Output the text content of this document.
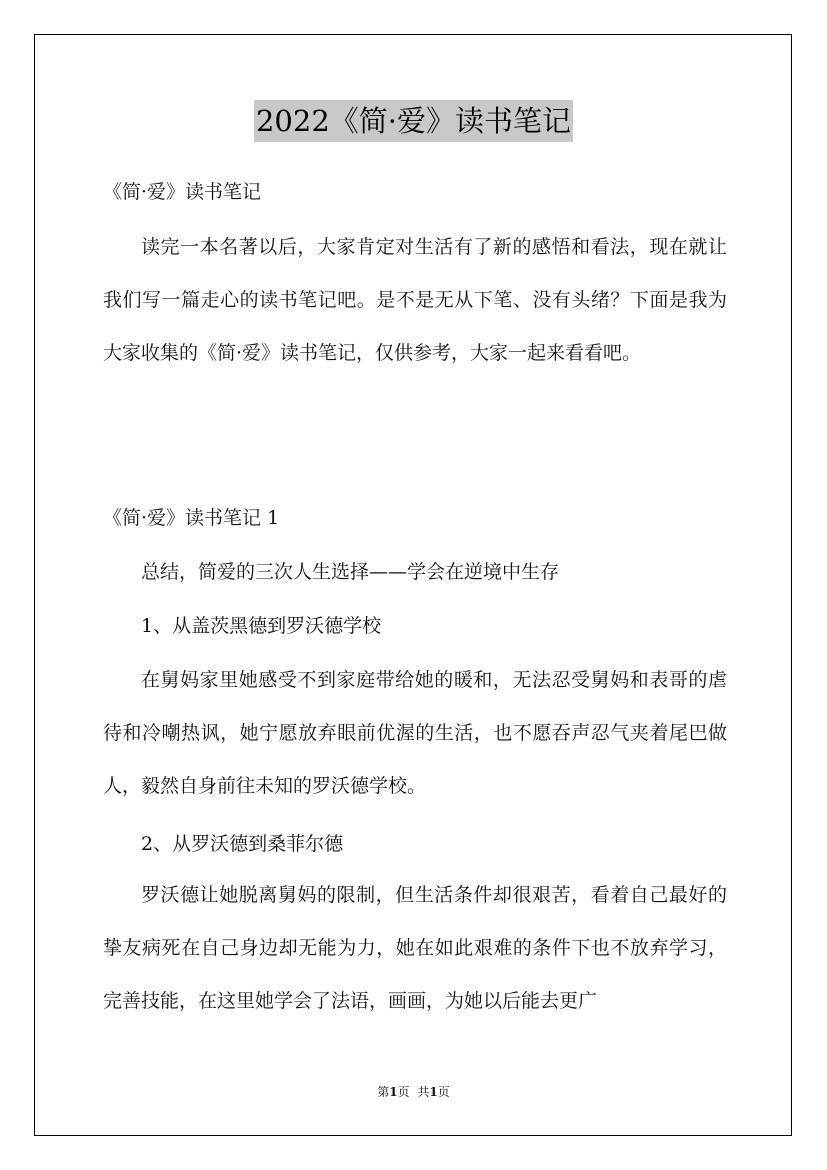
2022《简·爱》读书笔记

《简·爱》读书笔记

读完一本名著以后，大家肯定对生活有了新的感悟和看法，现在就让我们写一篇走心的读书笔记吧。是不是无从下笔、没有头绪？下面是我为大家收集的《简·爱》读书笔记，仅供参考，大家一起来看看吧。

《简·爱》读书笔记 1

总结，简爱的三次人生选择——学会在逆境中生存

1、从盖茨黑德到罗沃德学校

在舅妈家里她感受不到家庭带给她的暖和，无法忍受舅妈和表哥的虐待和冷嘲热讽，她宁愿放弃眼前优渥的生活，也不愿吞声忍气夹着尾巴做人，毅然自身前往未知的罗沃德学校。

2、从罗沃德到桑菲尔德

罗沃德让她脱离舅妈的限制，但生活条件却很艰苦，看着自己最好的挚友病死在自己身边却无能为力，她在如此艰难的条件下也不放弃学习，完善技能，在这里她学会了法语，画画，为她以后能去更广

第1页 共1页
